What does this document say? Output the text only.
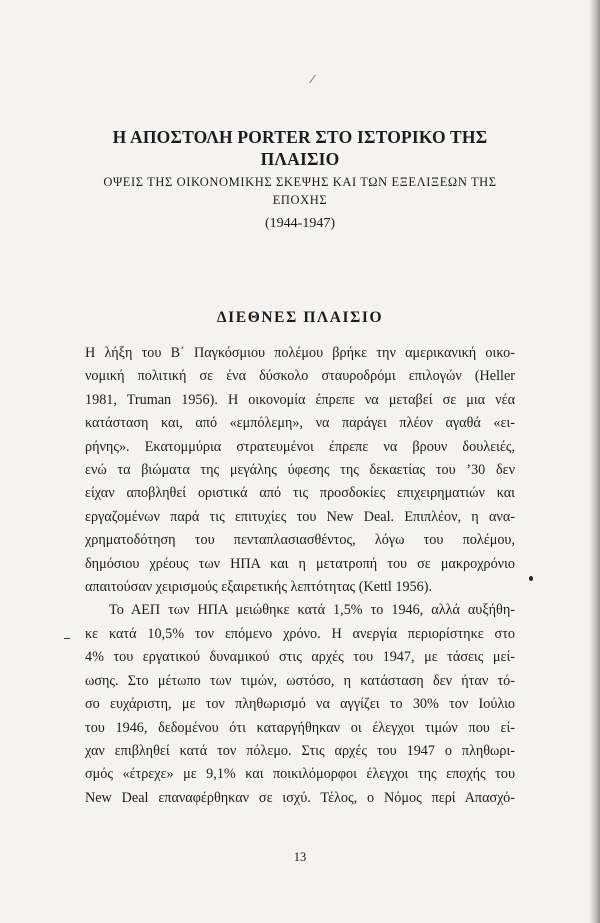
Η ΑΠΟΣΤΟΛΗ PORTER ΣΤΟ ΙΣΤΟΡΙΚΟ ΤΗΣ ΠΛΑΙΣΙΟ

ΟΨΕΙΣ ΤΗΣ ΟΙΚΟΝΟΜΙΚΗΣ ΣΚΕΨΗΣ ΚΑΙ ΤΩΝ ΕΞΕΛΙΞΕΩΝ ΤΗΣ ΕΠΟΧΗΣ

(1944-1947)

ΔΙΕΘΝΕΣ ΠΛΑΙΣΙΟ

Η λήξη του Β΄ Παγκόσμιου πολέμου βρήκε την αμερικανική οικο-
νομική πολιτική σε ένα δύσκολο σταυροδρόμι επιλογών (Heller
1981, Truman 1956). Η οικονομία έπρεπε να μεταβεί σε μια νέα
κατάσταση και, από «εμπόλεμη», να παράγει πλέον αγαθά «ει-
ρήνης». Εκατομμύρια στρατευμένοι έπρεπε να βρουν δουλειές,
ενώ τα βιώματα της μεγάλης ύφεσης της δεκαετίας του ’30 δεν
είχαν αποβληθεί οριστικά από τις προσδοκίες επιχειρηματιών και
εργαζομένων παρά τις επιτυχίες του New Deal. Επιπλέον, η ανα-
χρηματοδότηση του πενταπλασιασθέντος, λόγω του πολέμου,
δημόσιου χρέους των ΗΠΑ και η μετατροπή του σε μακροχρόνιο
απαιτούσαν χειρισμούς εξαιρετικής λεπτότητας (Kettl 1956).

Το ΑΕΠ των ΗΠΑ μειώθηκε κατά 1,5% το 1946, αλλά αυξήθη-
κε κατά 10,5% τον επόμενο χρόνο. Η ανεργία περιορίστηκε στο
4% του εργατικού δυναμικού στις αρχές του 1947, με τάσεις μεί-
ωσης. Στο μέτωπο των τιμών, ωστόσο, η κατάσταση δεν ήταν τό-
σο ευχάριστη, με τον πληθωρισμό να αγγίζει το 30% τον Ιούλιο
του 1946, δεδομένου ότι καταργήθηκαν οι έλεγχοι τιμών που εί-
χαν επιβληθεί κατά τον πόλεμο. Στις αρχές του 1947 ο πληθωρι-
σμός «έτρεχε» με 9,1% και ποικιλόμορφοι έλεγχοι της εποχής του
New Deal επαναφέρθηκαν σε ισχύ. Τέλος, ο Νόμος περί Απασχό-

13
